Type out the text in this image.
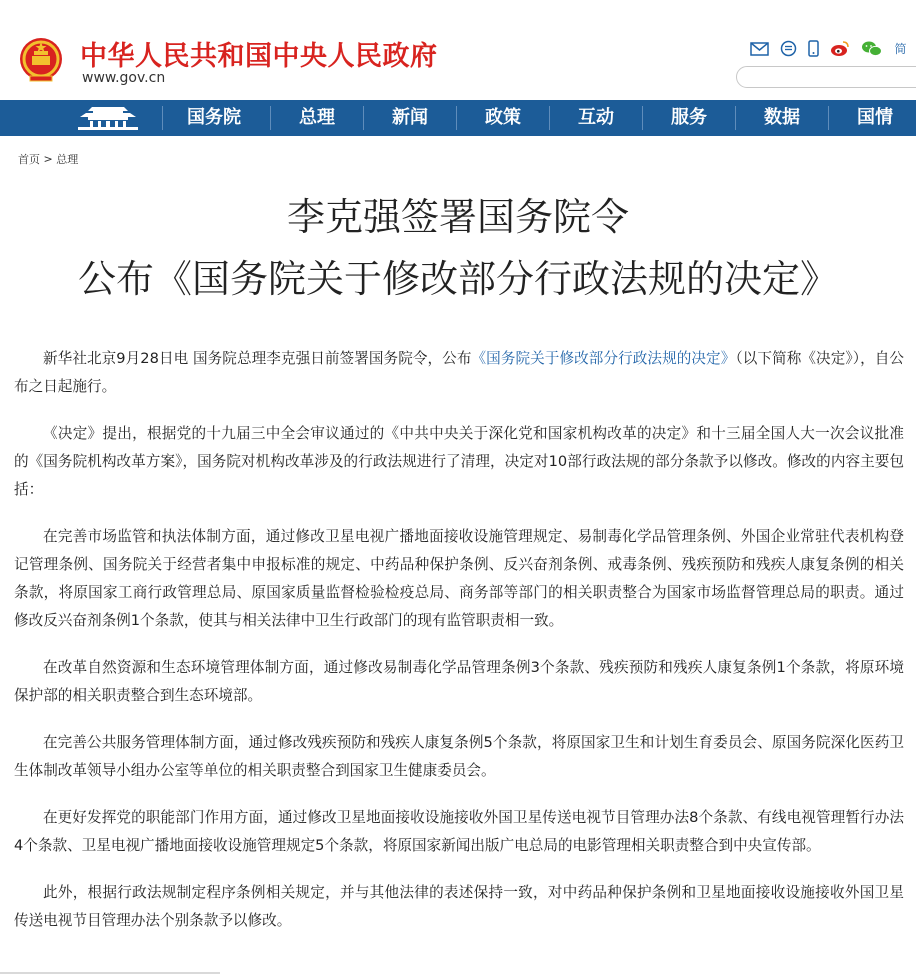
中华人民共和国中央人民政府
www.gov.cn

简
国务院	总理	新闻	政策	互动	服务	数据	国情
首页 > 总理
李克强签署国务院令
公布《国务院关于修改部分行政法规的决定》

新华社北京9月28日电 国务院总理李克强日前签署国务院令，公布《国务院关于修改部分行政法规的决定》（以下简称《决定》），自公布之日起施行。

《决定》提出，根据党的十九届三中全会审议通过的《中共中央关于深化党和国家机构改革的决定》和十三届全国人大一次会议批准的《国务院机构改革方案》，国务院对机构改革涉及的行政法规进行了清理，决定对10部行政法规的部分条款予以修改。修改的内容主要包括：

在完善市场监管和执法体制方面，通过修改卫星电视广播地面接收设施管理规定、易制毒化学品管理条例、外国企业常驻代表机构登记管理条例、国务院关于经营者集中申报标准的规定、中药品种保护条例、反兴奋剂条例、戒毒条例、残疾预防和残疾人康复条例的相关条款，将原国家工商行政管理总局、原国家质量监督检验检疫总局、商务部等部门的相关职责整合为国家市场监督管理总局的职责。通过修改反兴奋剂条例1个条款，使其与相关法律中卫生行政部门的现有监管职责相一致。

在改革自然资源和生态环境管理体制方面，通过修改易制毒化学品管理条例3个条款、残疾预防和残疾人康复条例1个条款，将原环境保护部的相关职责整合到生态环境部。

在完善公共服务管理体制方面，通过修改残疾预防和残疾人康复条例5个条款，将原国家卫生和计划生育委员会、原国务院深化医药卫生体制改革领导小组办公室等单位的相关职责整合到国家卫生健康委员会。

在更好发挥党的职能部门作用方面，通过修改卫星地面接收设施接收外国卫星传送电视节目管理办法8个条款、有线电视管理暂行办法4个条款、卫星电视广播地面接收设施管理规定5个条款，将原国家新闻出版广电总局的电影管理相关职责整合到中央宣传部。

此外，根据行政法规制定程序条例相关规定，并与其他法律的表述保持一致，对中药品种保护条例和卫星地面接收设施接收外国卫星传送电视节目管理办法个别条款予以修改。
